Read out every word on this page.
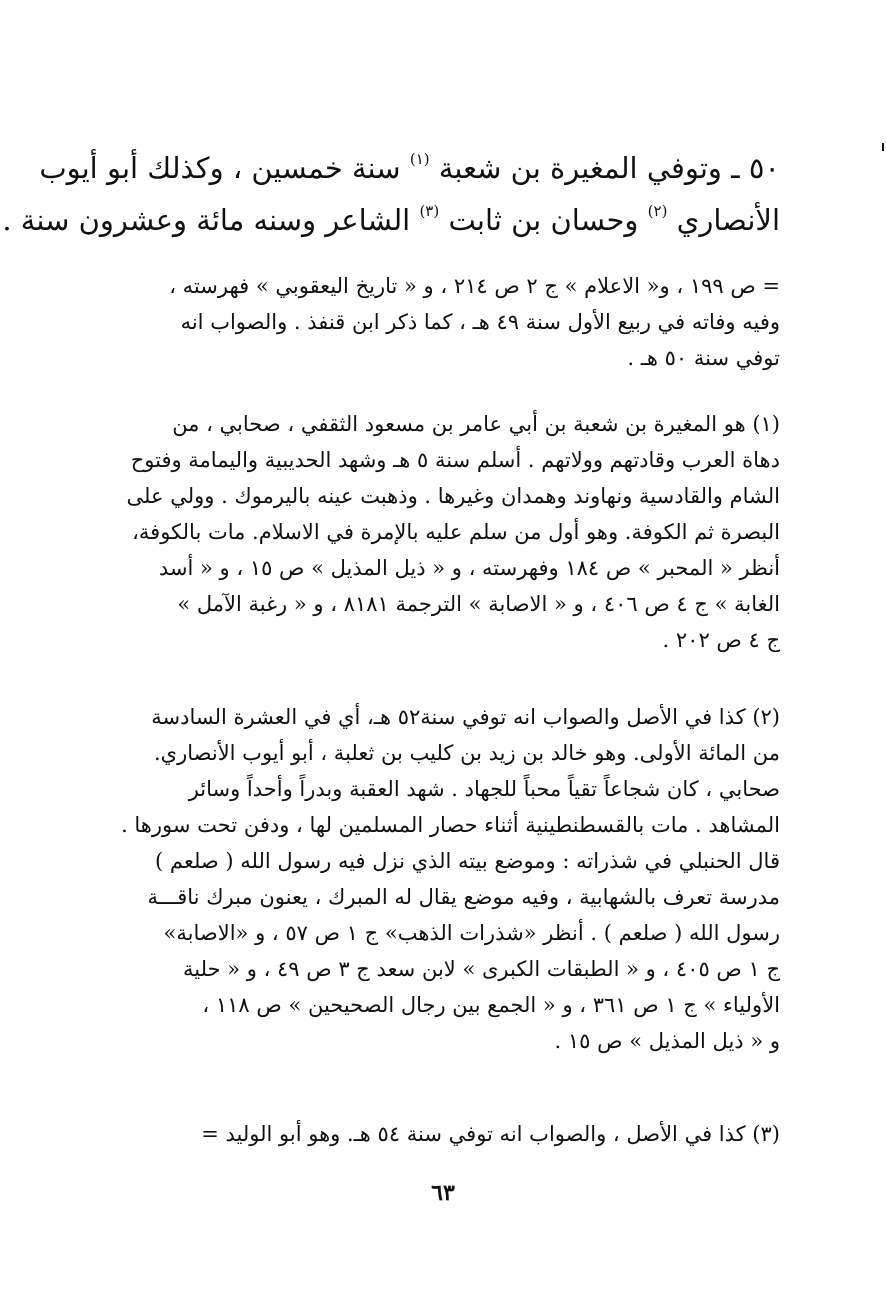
٥٠ ـ وتوفي المغيرة بن شعبة $^{(١)}$ سنة خمسين ، وكذلك أبو أيوب
الأنصاري $^{(٢)}$ وحسان بن ثابت $^{(٣)}$ الشاعر وسنه مائة وعشرون سنة .
= ص ١٩٩ ، و« الاعلام » ج ٢ ص ٢١٤ ، و « تاريخ اليعقوبي » فهرسته ،
وفيه وفاته في ربيع الأول سنة ٤٩ هـ ، كما ذكر ابن قنفذ . والصواب انه
توفي سنة ٥٠ هـ .
(١) هو المغيرة بن شعبة بن أبي عامر بن مسعود الثقفي ، صحابي ، من
دهاة العرب وقادتهم وولاتهم . أسلم سنة ٥ هـ وشهد الحديبية واليمامة وفتوح
الشام والقادسية ونهاوند وهمدان وغيرها . وذهبت عينه باليرموك . وولي على
البصرة ثم الكوفة. وهو أول من سلم عليه بالإمرة في الاسلام. مات بالكوفة،
أنظر « المحبر » ص ١٨٤ وفهرسته ، و « ذيل المذيل » ص ١٥ ، و « أسد
الغابة » ج ٤ ص ٤٠٦ ، و « الاصابة » الترجمة ٨١٨١ ، و « رغبة الآمل »
ج ٤ ص ٢٠٢ .
(٢) كذا في الأصل والصواب انه توفي سنة٥٢ هـ، أي في العشرة السادسة
من المائة الأولى. وهو خالد بن زيد بن كليب بن ثعلبة ، أبو أيوب الأنصاري.
صحابي ، كان شجاعاً تقياً محباً للجهاد . شهد العقبة وبدراً وأحداً وسائر
المشاهد . مات بالقسطنطينية أثناء حصار المسلمين لها ، ودفن تحت سورها .
قال الحنبلي في شذراته : وموضع بيته الذي نزل فيه رسول الله ( صلعم )
مدرسة تعرف بالشهابية ، وفيه موضع يقال له المبرك ، يعنون مبرك ناقـــة
رسول الله ( صلعم ) . أنظر «شذرات الذهب» ج ١ ص ٥٧ ، و «الاصابة»
ج ١ ص ٤٠٥ ، و « الطبقات الكبرى » لابن سعد ج ٣ ص ٤٩ ، و « حلية
الأولياء » ج ١ ص ٣٦١ ، و « الجمع بين رجال الصحيحين » ص ١١٨ ،
و « ذيل المذيل » ص ١٥ .
(٣) كذا في الأصل ، والصواب انه توفي سنة ٥٤ هـ. وهو أبو الوليد =
٦٣
